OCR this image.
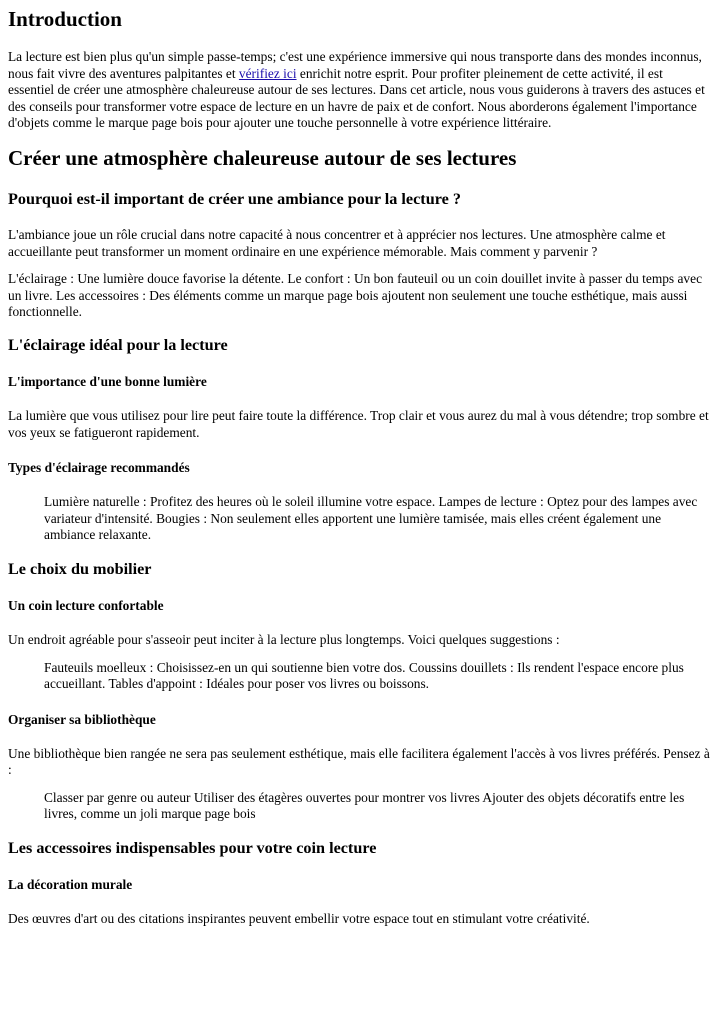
Introduction

La lecture est bien plus qu'un simple passe-temps; c'est une expérience immersive qui nous transporte dans des mondes inconnus, nous fait vivre des aventures palpitantes et vérifiez ici enrichit notre esprit. Pour profiter pleinement de cette activité, il est essentiel de créer une atmosphère chaleureuse autour de ses lectures. Dans cet article, nous vous guiderons à travers des astuces et des conseils pour transformer votre espace de lecture en un havre de paix et de confort. Nous aborderons également l'importance d'objets comme le marque page bois pour ajouter une touche personnelle à votre expérience littéraire.

Créer une atmosphère chaleureuse autour de ses lectures
Pourquoi est-il important de créer une ambiance pour la lecture ?

L'ambiance joue un rôle crucial dans notre capacité à nous concentrer et à apprécier nos lectures. Une atmosphère calme et accueillante peut transformer un moment ordinaire en une expérience mémorable. Mais comment y parvenir ?

L'éclairage : Une lumière douce favorise la détente. Le confort : Un bon fauteuil ou un coin douillet invite à passer du temps avec un livre. Les accessoires : Des éléments comme un marque page bois ajoutent non seulement une touche esthétique, mais aussi fonctionnelle.

L'éclairage idéal pour la lecture
L'importance d'une bonne lumière

La lumière que vous utilisez pour lire peut faire toute la différence. Trop clair et vous aurez du mal à vous détendre; trop sombre et vos yeux se fatigueront rapidement.

Types d'éclairage recommandés
Lumière naturelle : Profitez des heures où le soleil illumine votre espace. Lampes de lecture : Optez pour des lampes avec variateur d'intensité. Bougies : Non seulement elles apportent une lumière tamisée, mais elles créent également une ambiance relaxante.
Le choix du mobilier
Un coin lecture confortable

Un endroit agréable pour s'asseoir peut inciter à la lecture plus longtemps. Voici quelques suggestions :

Fauteuils moelleux : Choisissez-en un qui soutienne bien votre dos. Coussins douillets : Ils rendent l'espace encore plus accueillant. Tables d'appoint : Idéales pour poser vos livres ou boissons.
Organiser sa bibliothèque

Une bibliothèque bien rangée ne sera pas seulement esthétique, mais elle facilitera également l'accès à vos livres préférés. Pensez à :

Classer par genre ou auteur Utiliser des étagères ouvertes pour montrer vos livres Ajouter des objets décoratifs entre les livres, comme un joli marque page bois
Les accessoires indispensables pour votre coin lecture
La décoration murale

Des œuvres d'art ou des citations inspirantes peuvent embellir votre espace tout en stimulant votre créativité.
